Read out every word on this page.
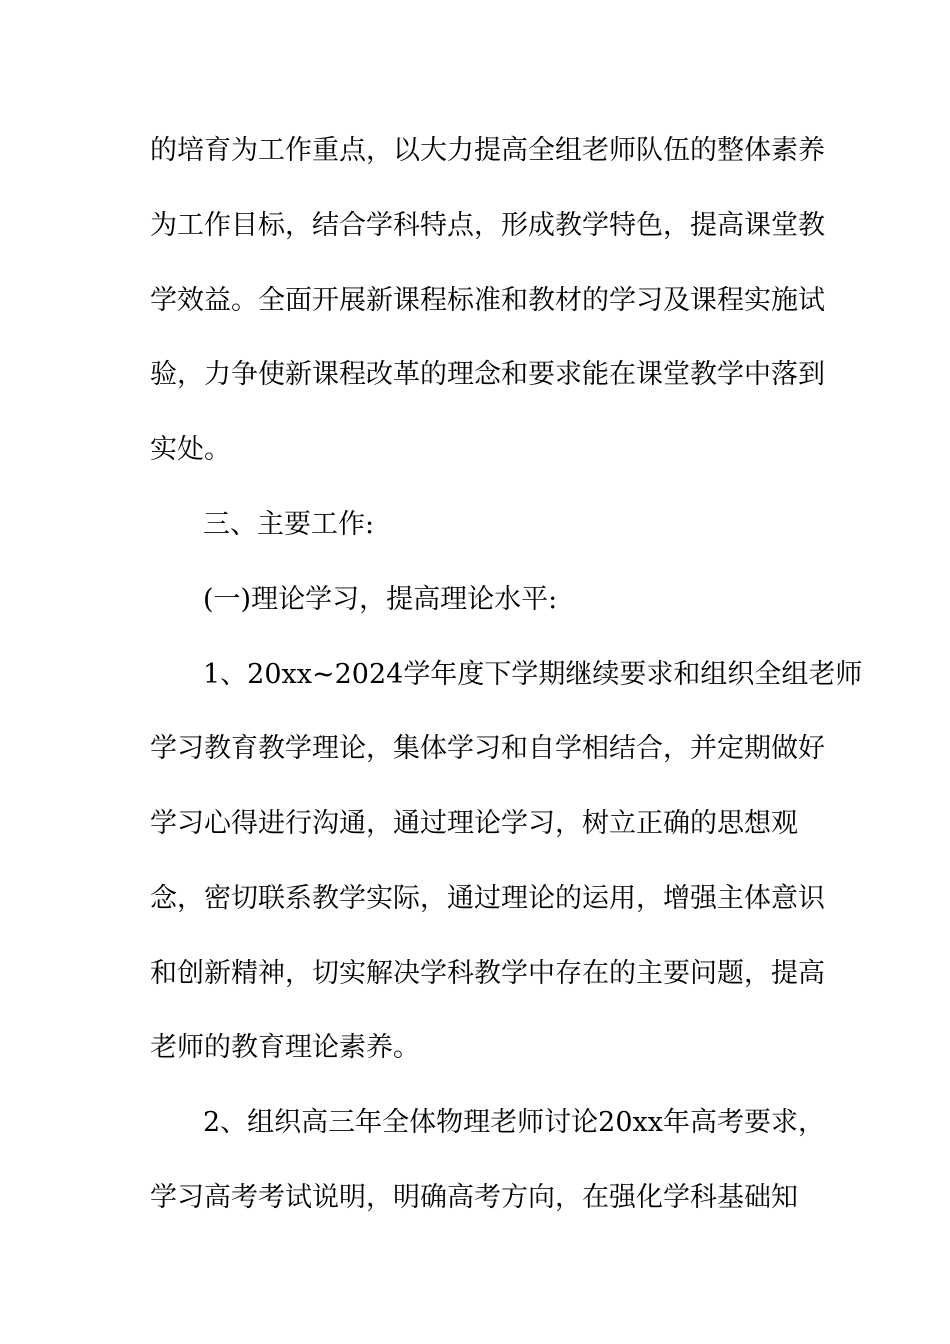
的培育为工作重点，以大力提高全组老师队伍的整体素养
为工作目标，结合学科特点，形成教学特色，提高课堂教
学效益。全面开展新课程标准和教材的学习及课程实施试
验，力争使新课程改革的理念和要求能在课堂教学中落到
实处。
三、主要工作:
(一)理论学习，提高理论水平:
1、20xx~2024学年度下学期继续要求和组织全组老师
学习教育教学理论，集体学习和自学相结合，并定期做好
学习心得进行沟通，通过理论学习，树立正确的思想观
念，密切联系教学实际，通过理论的运用，增强主体意识
和创新精神，切实解决学科教学中存在的主要问题，提高
老师的教育理论素养。
2、组织高三年全体物理老师讨论20xx年高考要求，
学习高考考试说明，明确高考方向，在强化学科基础知
